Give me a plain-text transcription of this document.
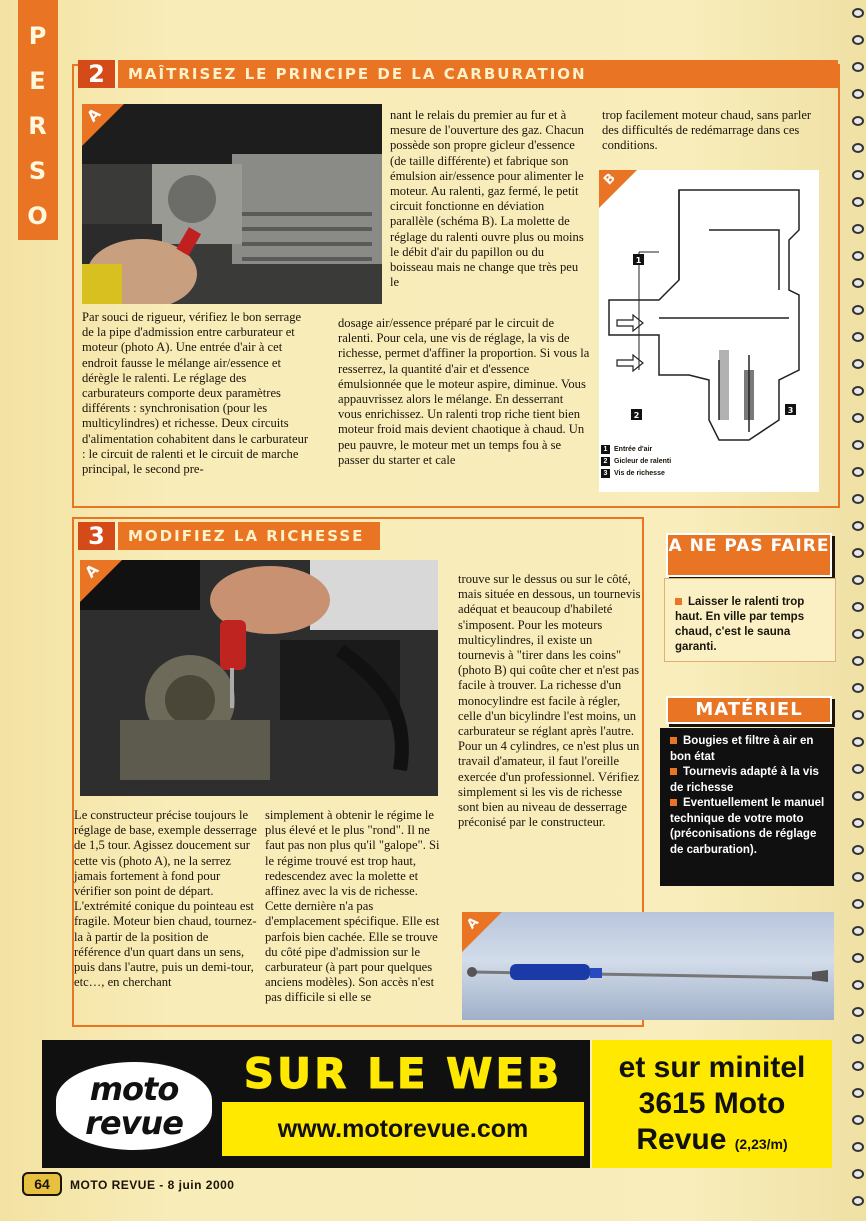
P
E
R
S
O
2	MAÎTRISEZ LE PRINCIPE DE LA CARBURATION
A
Par souci de rigueur, vérifiez le bon serrage de la pipe d'admission entre carburateur et moteur (photo A). Une entrée d'air à cet endroit fausse le mélange air/essence et dérègle le ralenti. Le réglage des carburateurs comporte deux paramètres différents : synchronisation (pour les multicylindres) et richesse. Deux circuits d'alimentation cohabitent dans le carburateur : le circuit de ralenti et le circuit de marche principal, le second pre-
nant le relais du premier au fur et à mesure de l'ouverture des gaz. Chacun possède son propre gicleur d'essence (de taille différente) et fabrique son émulsion air/essence pour alimenter le moteur. Au ralenti, gaz fermé, le petit circuit fonctionne en déviation parallèle (schéma B). La molette de réglage du ralenti ouvre plus ou moins le débit d'air du papillon ou du boisseau mais ne change que très peu le
dosage air/essence préparé par le circuit de ralenti. Pour cela, une vis de réglage, la vis de richesse, permet d'affiner la proportion. Si vous la resserrez, la quantité d'air et d'essence émulsionnée que le moteur aspire, diminue. Vous appauvrissez alors le mélange. En desserrant vous enrichissez. Un ralenti trop riche tient bien moteur froid mais devient chaotique à chaud. Un peu pauvre, le moteur met un temps fou à se passer du starter et cale
trop facilement moteur chaud, sans parler des difficultés de redémarrage dans ces conditions.
1
2
3
B
1 Entrée d'air
2 Gicleur de ralenti
3 Vis de richesse
3	MODIFIEZ LA RICHESSE
A
Le constructeur précise toujours le réglage de base, exemple desserrage de 1,5 tour. Agissez doucement sur cette vis (photo A), ne la serrez jamais fortement à fond pour vérifier son point de départ. L'extrémité conique du pointeau est fragile. Moteur bien chaud, tournez-la à partir de la position de référence d'un quart dans un sens, puis dans l'autre, puis un demi-tour, etc…, en cherchant
simplement à obtenir le régime le plus élevé et le plus "rond". Il ne faut pas non plus qu'il "galope". Si le régime trouvé est trop haut, redescendez avec la molette et affinez avec la vis de richesse. Cette dernière n'a pas d'emplacement spécifique. Elle est parfois bien cachée. Elle se trouve du côté pipe d'admission sur le carburateur (à part pour quelques anciens modèles). Son accès n'est pas difficile si elle se
trouve sur le dessus ou sur le côté, mais située en dessous, un tournevis adéquat et beaucoup d'habileté s'imposent. Pour les moteurs multicylindres, il existe un tournevis à "tirer dans les coins" (photo B) qui coûte cher et n'est pas facile à trouver. La richesse d'un monocylindre est facile à régler, celle d'un bicylindre l'est moins, un carburateur se réglant après l'autre. Pour un 4 cylindres, ce n'est plus un travail d'amateur, il faut l'oreille exercée d'un professionnel. Vérifiez simplement si les vis de richesse sont bien au niveau de desserrage préconisé par le constructeur.
A
A NE PAS FAIRE
Laisser le ralenti trop haut. En ville par temps chaud, c'est le sauna garanti.
MATÉRIEL
Bougies et filtre à air en bon état
Tournevis adapté à la vis de richesse
Eventuellement le manuel technique de votre moto (préconisations de réglage de carburation).
moto
revue
SUR LE WEB
www.motorevue.com
et sur minitel
3615 Moto
Revue (2,23/m)
64	MOTO REVUE - 8 juin 2000
